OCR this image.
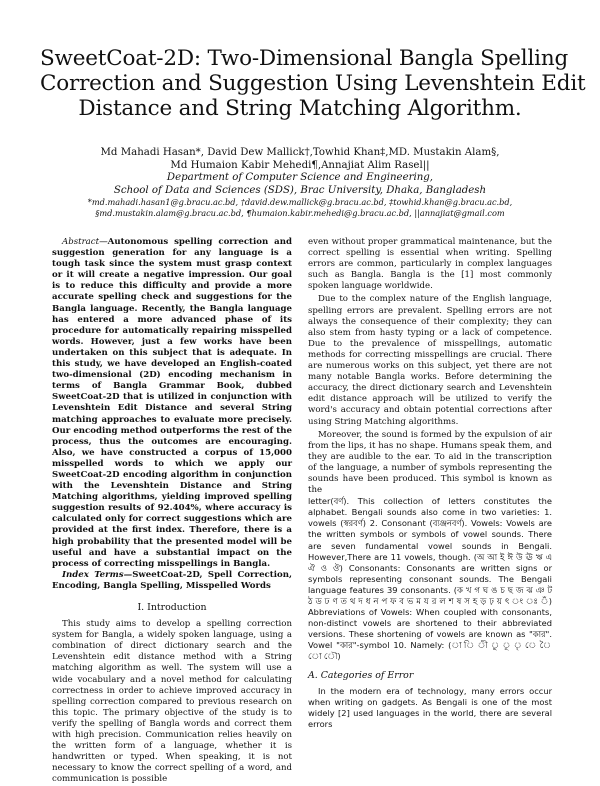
SweetCoat-2D: Two-Dimensional Bangla Spelling
Correction and Suggestion Using Levenshtein Edit
Distance and String Matching Algorithm.
Md Mahadi Hasan*, David Dew Mallick†,Towhid Khan‡,MD. Mustakin Alam§,
Md Humaion Kabir Mehedi¶,Annajiat Alim Rasel||
Department of Computer Science and Engineering,
School of Data and Sciences (SDS), Brac University, Dhaka, Bangladesh
*md.mahadi.hasan1@g.bracu.ac.bd, †david.dew.mallick@g.bracu.ac.bd, ‡towhid.khan@g.bracu.ac.bd,
§md.mustakin.alam@g.bracu.ac.bd, ¶humaion.kabir.mehedi@g.bracu.ac.bd, ||annajiat@gmail.com

Abstract—Autonomous spelling correction and suggestion generation for any language is a tough task since the system must grasp context or it will create a negative impression. Our goal is to reduce this difficulty and provide a more accurate spelling check and suggestions for the Bangla language. Recently, the Bangla language has entered a more advanced phase of its procedure for automatically repairing misspelled words. However, just a few works have been undertaken on this subject that is adequate. In this study, we have developed an English-coated two-dimensional (2D) encoding mechanism in terms of Bangla Grammar Book, dubbed SweetCoat-2D that is utilized in conjunction with Levenshtein Edit Distance and several String matching approaches to evaluate more precisely. Our encoding method outperforms the rest of the process, thus the outcomes are encouraging. Also, we have constructed a corpus of 15,000 misspelled words to which we apply our SweetCoat-2D encoding algorithm in conjunction with the Levenshtein Distance and String Matching algorithms, yielding improved spelling suggestion results of 92.404%, where accuracy is calculated only for correct suggestions which are provided at the first index. Therefore, there is a high probability that the presented model will be useful and have a substantial impact on the process of correcting misspellings in Bangla.

Index Terms—SweetCoat-2D, Spell Correction, Encoding, Bangla Spelling, Misspelled Words

I. Introduction

This study aims to develop a spelling correction system for Bangla, a widely spoken language, using a combination of direct dictionary search and the Levenshtein edit distance method with a String matching algorithm as well. The system will use a wide vocabulary and a novel method for calculating correctness in order to achieve improved accuracy in spelling correction compared to previous research on this topic. The primary objective of the study is to verify the spelling of Bangla words and correct them with high precision. Communication relies heavily on the written form of a language, whether it is handwritten or typed. When speaking, it is not necessary to know the correct spelling of a word, and communication is possible

even without proper grammatical maintenance, but the correct spelling is essential when writing. Spelling errors are common, particularly in complex languages such as Bangla. Bangla is the [1] most commonly spoken language worldwide.

Due to the complex nature of the English language, spelling errors are prevalent. Spelling errors are not always the consequence of their complexity; they can also stem from hasty typing or a lack of competence. Due to the prevalence of misspellings, automatic methods for correcting misspellings are crucial. There are numerous works on this subject, yet there are not many notable Bangla works. Before determining the accuracy, the direct dictionary search and Levenshtein edit distance approach will be utilized to verify the word's accuracy and obtain potential corrections after using String Matching algorithms.

Moreover, the sound is formed by the expulsion of air from the lips, it has no shape. Humans speak them, and they are audible to the ear. To aid in the transcription of the language, a number of symbols representing the sounds have been produced. This symbol is known as the

letter(বর্ণ). This collection of letters constitutes the alphabet. Bengali sounds also come in two varieties: 1. vowels (স্বরবর্ণ) 2. Consonant (ব্যঞ্জনবর্ণ). Vowels: Vowels are the written symbols or symbols of vowel sounds. There are seven fundamental vowel sounds in Bengali. However,There are 11 vowels, though. (অ আ ই ঈ উ ঊ ঋ এ ঐ ও ঔ) Consonants: Consonants are written signs or symbols representing consonant sounds. The Bengali language features 39 consonants. (ক খ গ ঘ ঙ চ ছ জ ঝ ঞ ট ঠ ড ঢ ণ ত থ দ ধ ন প ফ ব ভ ম য র ল শ ষ স হ ড় ঢ় য় ৎ ং ঃ ঁ) Abbreviations of Vowels: When coupled with consonants, non-distinct vowels are shortened to their abbreviated versions. These shortening of vowels are known as "কার". Vowel "কার"-symbol 10. Namely: (া ি ী ু ূ ৃ ে ৈ ো ৌ)

A. Categories of Error

In the modern era of technology, many errors occur when writing on gadgets. As Bengali is one of the most widely [2] used languages in the world, there are several errors
